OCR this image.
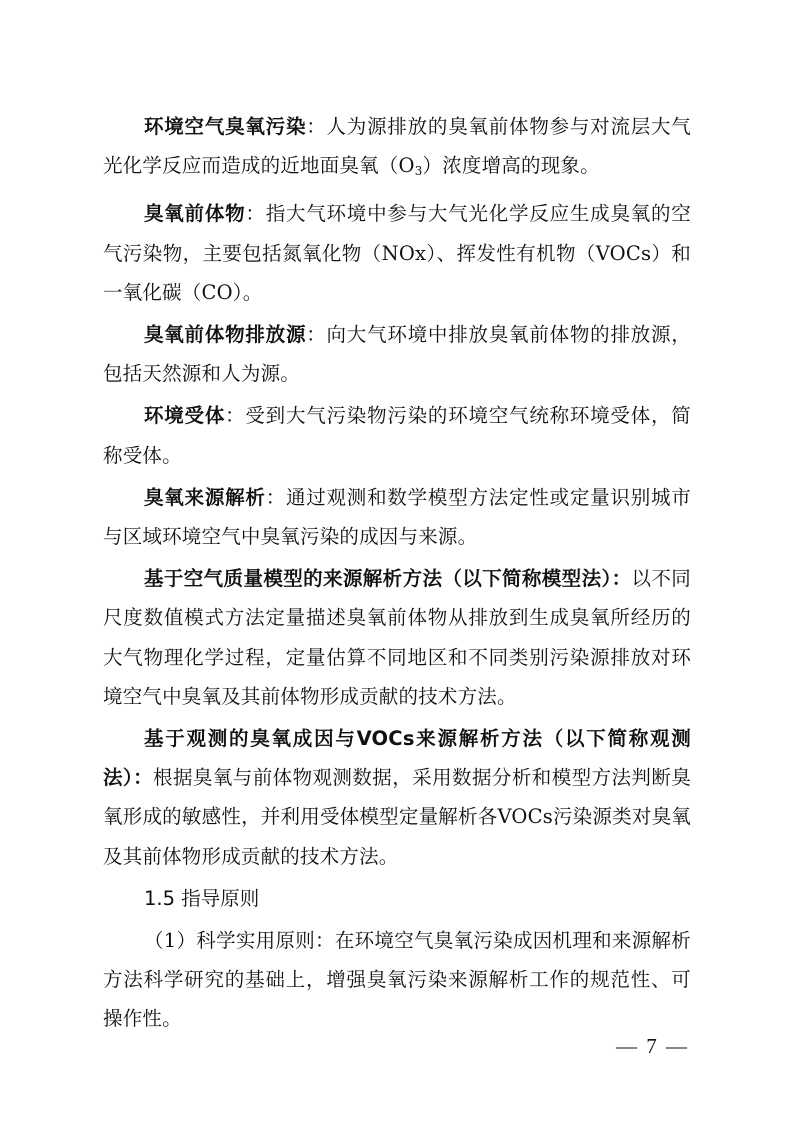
环境空气臭氧污染：人为源排放的臭氧前体物参与对流层大气光化学反应而造成的近地面臭氧$(O_3)$浓度增高的现象。

臭氧前体物：指大气环境中参与大气光化学反应生成臭氧的空气污染物，主要包括氮氧化物（NOx）、挥发性有机物（VOCs）和一氧化碳（CO）。

臭氧前体物排放源：向大气环境中排放臭氧前体物的排放源，包括天然源和人为源。

环境受体：受到大气污染物污染的环境空气统称环境受体，简称受体。

臭氧来源解析：通过观测和数学模型方法定性或定量识别城市与区域环境空气中臭氧污染的成因与来源。

基于空气质量模型的来源解析方法（以下简称模型法）：以不同尺度数值模式方法定量描述臭氧前体物从排放到生成臭氧所经历的大气物理化学过程，定量估算不同地区和不同类别污染源排放对环境空气中臭氧及其前体物形成贡献的技术方法。

基于观测的臭氧成因与VOCs来源解析方法（以下简称观测法）：根据臭氧与前体物观测数据，采用数据分析和模型方法判断臭氧形成的敏感性，并利用受体模型定量解析各VOCs污染源类对臭氧及其前体物形成贡献的技术方法。

1.5 指导原则

（1）科学实用原则：在环境空气臭氧污染成因机理和来源解析方法科学研究的基础上，增强臭氧污染来源解析工作的规范性、可操作性。

— 7 —
